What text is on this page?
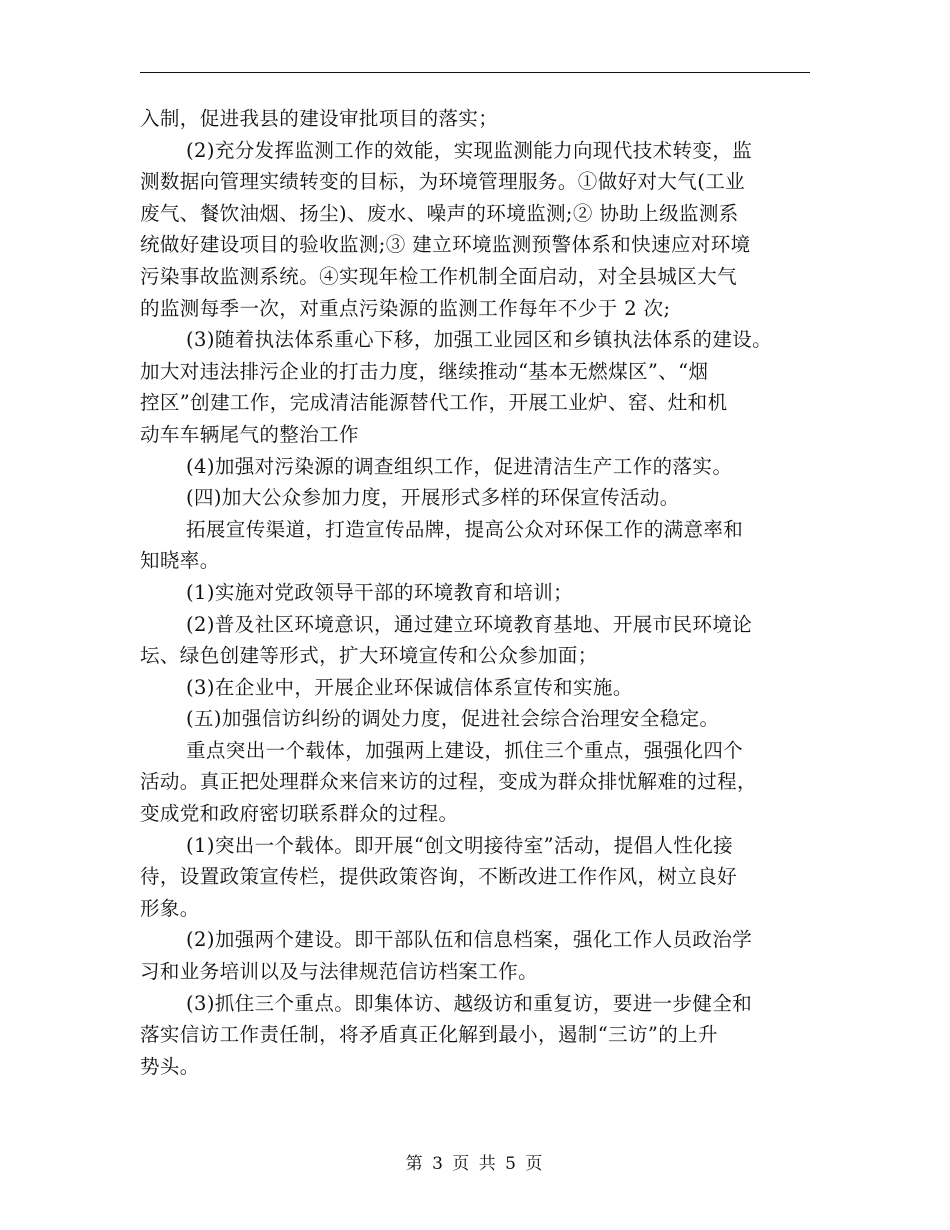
入制，促进我县的建设审批项目的落实；
(2)充分发挥监测工作的效能，实现监测能力向现代技术转变，监
测数据向管理实绩转变的目标，为环境管理服务。①做好对大气(工业
废气、餐饮油烟、扬尘)、废水、噪声的环境监测;② 协助上级监测系
统做好建设项目的验收监测;③ 建立环境监测预警体系和快速应对环境
污染事故监测系统。④实现年检工作机制全面启动，对全县城区大气
的监测每季一次，对重点污染源的监测工作每年不少于 2 次;
(3)随着执法体系重心下移，加强工业园区和乡镇执法体系的建设。
加大对违法排污企业的打击力度，继续推动“基本无燃煤区”、“烟
控区”创建工作，完成清洁能源替代工作，开展工业炉、窑、灶和机
动车车辆尾气的整治工作
(4)加强对污染源的调查组织工作，促进清洁生产工作的落实。
(四)加大公众参加力度，开展形式多样的环保宣传活动。
拓展宣传渠道，打造宣传品牌，提高公众对环保工作的满意率和
知晓率。
(1)实施对党政领导干部的环境教育和培训；
(2)普及社区环境意识，通过建立环境教育基地、开展市民环境论
坛、绿色创建等形式，扩大环境宣传和公众参加面；
(3)在企业中，开展企业环保诚信体系宣传和实施。
(五)加强信访纠纷的调处力度，促进社会综合治理安全稳定。
重点突出一个载体，加强两上建设，抓住三个重点，强强化四个
活动。真正把处理群众来信来访的过程，变成为群众排忧解难的过程，
变成党和政府密切联系群众的过程。
(1)突出一个载体。即开展“创文明接待室”活动，提倡人性化接
待，设置政策宣传栏，提供政策咨询，不断改进工作作风，树立良好
形象。
(2)加强两个建设。即干部队伍和信息档案，强化工作人员政治学
习和业务培训以及与法律规范信访档案工作。
(3)抓住三个重点。即集体访、越级访和重复访，要进一步健全和
落实信访工作责任制，将矛盾真正化解到最小，遏制“三访”的上升
势头。
第 3 页 共 5 页
